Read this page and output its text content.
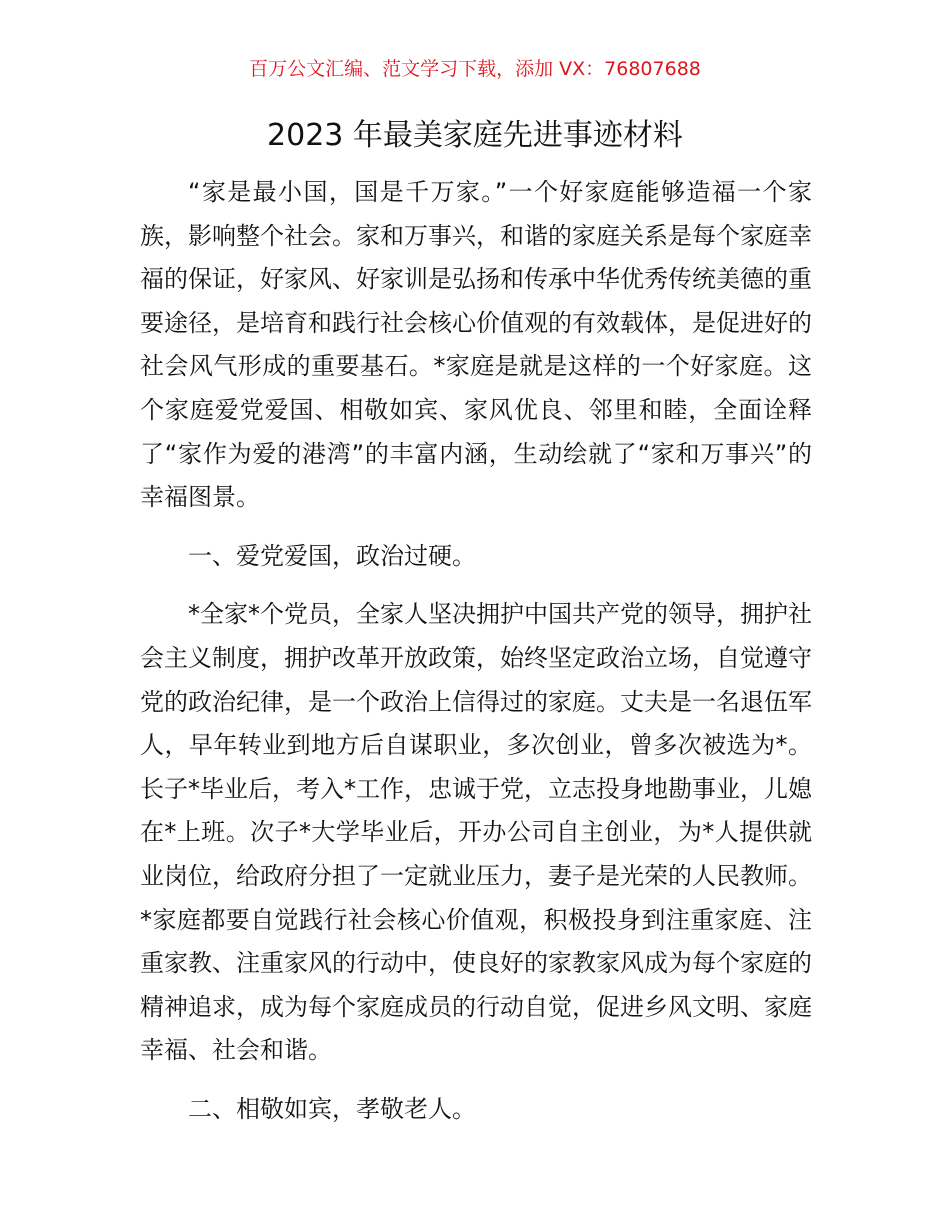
百万公文汇编、范文学习下载，添加 VX：76807688
2023 年最美家庭先进事迹材料

“家是最小国，国是千万家。”一个好家庭能够造福一个家族，影响整个社会。家和万事兴，和谐的家庭关系是每个家庭幸福的保证，好家风、好家训是弘扬和传承中华优秀传统美德的重要途径，是培育和践行社会核心价值观的有效载体，是促进好的社会风气形成的重要基石。*家庭是就是这样的一个好家庭。这个家庭爱党爱国、相敬如宾、家风优良、邻里和睦，全面诠释了“家作为爱的港湾”的丰富内涵，生动绘就了“家和万事兴”的幸福图景。

一、爱党爱国，政治过硬。

*全家*个党员，全家人坚决拥护中国共产党的领导，拥护社会主义制度，拥护改革开放政策，始终坚定政治立场，自觉遵守党的政治纪律，是一个政治上信得过的家庭。丈夫是一名退伍军人，早年转业到地方后自谋职业，多次创业，曾多次被选为*。长子*毕业后，考入*工作，忠诚于党，立志投身地勘事业，儿媳在*上班。次子*大学毕业后，开办公司自主创业，为*人提供就业岗位，给政府分担了一定就业压力，妻子是光荣的人民教师。*家庭都要自觉践行社会核心价值观，积极投身到注重家庭、注重家教、注重家风的行动中，使良好的家教家风成为每个家庭的精神追求，成为每个家庭成员的行动自觉，促进乡风文明、家庭幸福、社会和谐。

二、相敬如宾，孝敬老人。
